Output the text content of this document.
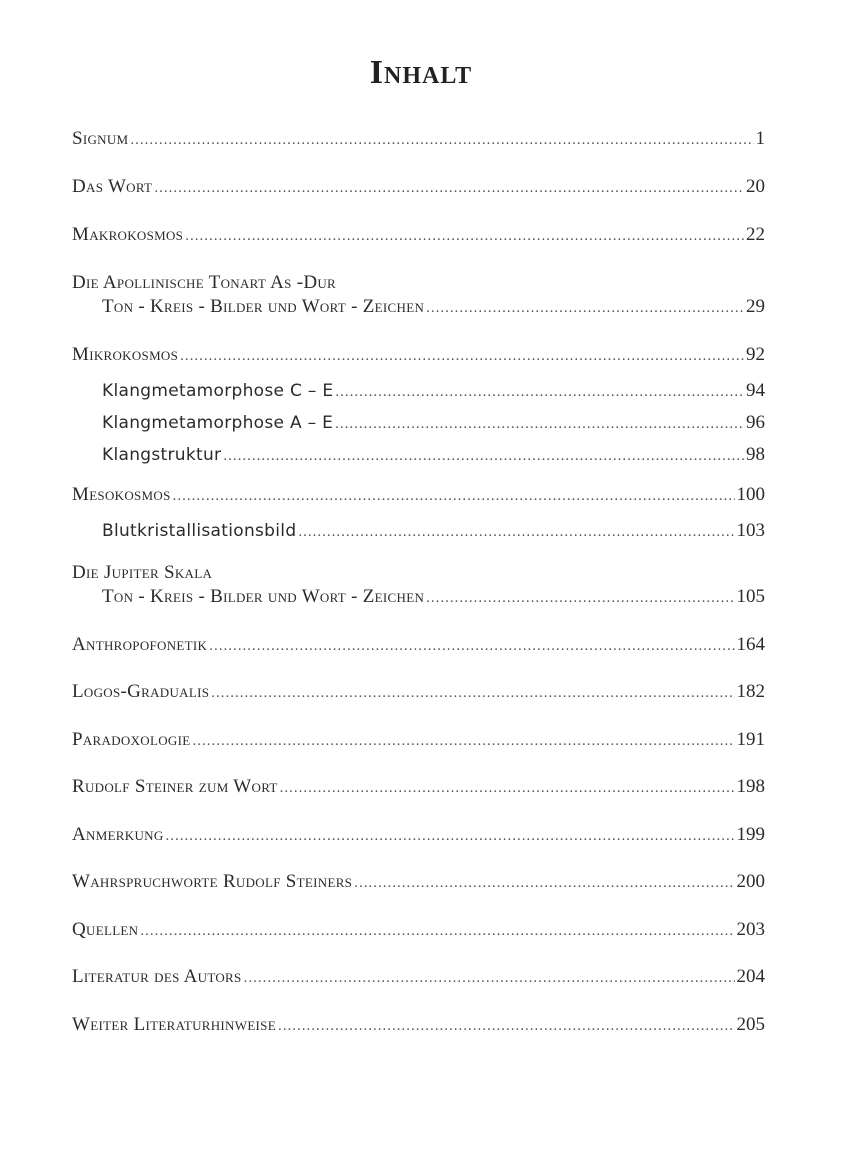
Inhalt
Signum .....	1
Das Wort .....	20
Makrokosmos .....	22
Die Apollinische Tonart As -Dur
Ton - Kreis - Bilder und Wort - Zeichen .....	29
Mikrokosmos .....	92
Klangmetamorphose C – E .....	94
Klangmetamorphose A – E .....	96
Klangstruktur .....	98
Mesokosmos .....	100
Blutkristallisationsbild .....	103
Die Jupiter Skala
Ton - Kreis - Bilder und Wort - Zeichen .....	105
Anthropofonetik .....	164
Logos-Gradualis .....	182
Paradoxologie .....	191
Rudolf Steiner zum Wort .....	198
Anmerkung .....	199
Wahrspruchworte Rudolf Steiners .....	200
Quellen .....	203
Literatur des Autors .....	204
Weiter Literaturhinweise .....	205
